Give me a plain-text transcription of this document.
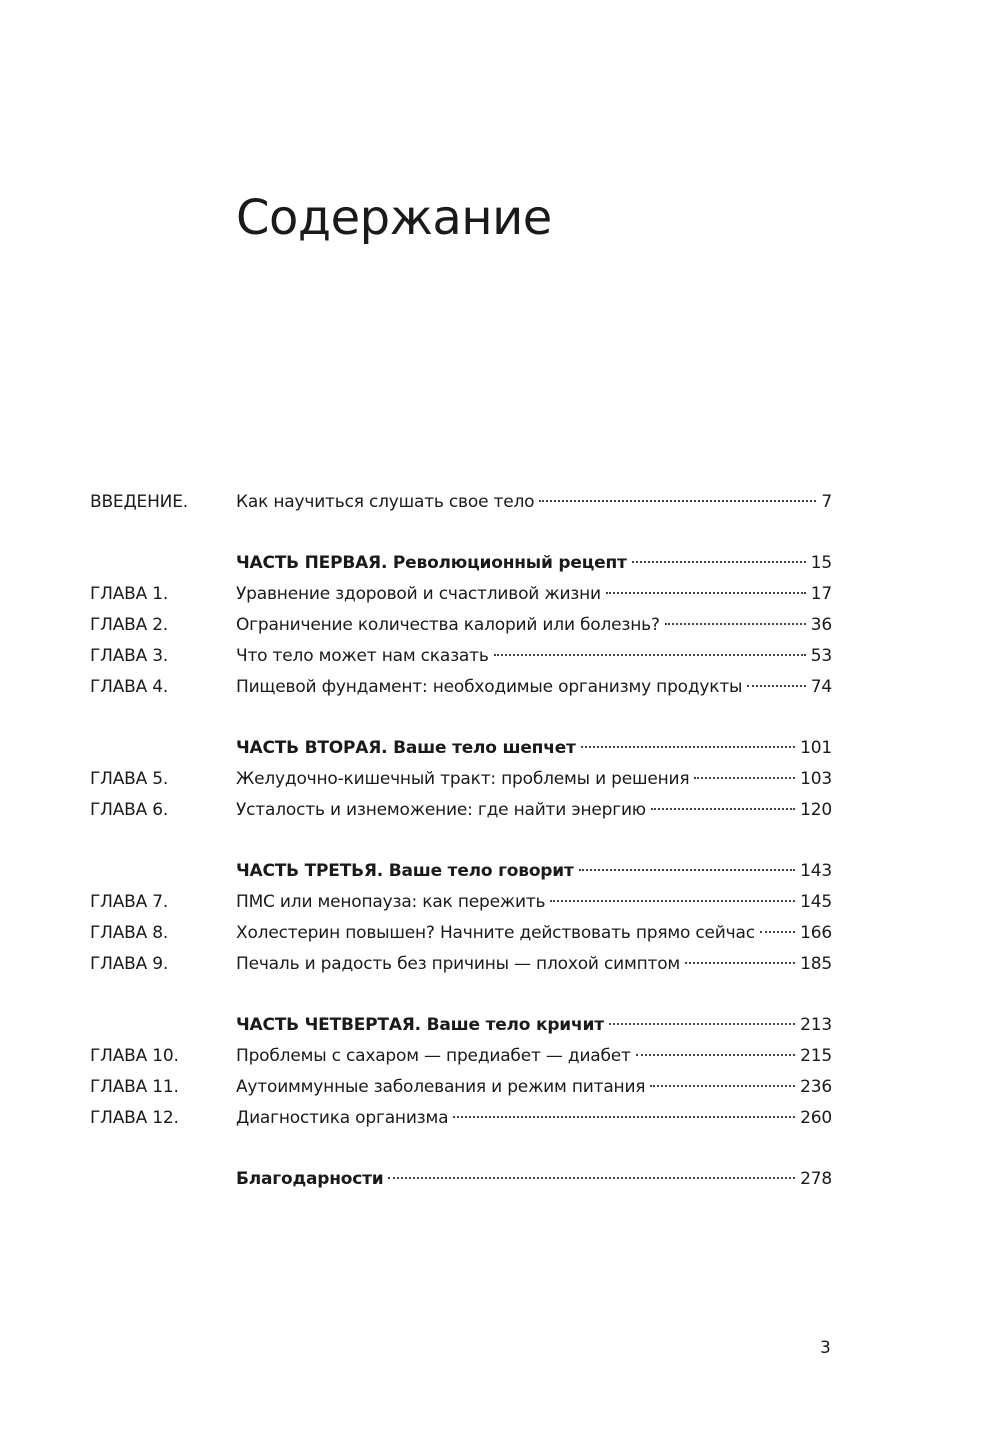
Содержание
ВВЕДЕНИЕ.	Как научиться слушать свое тело	7
ЧАСТЬ ПЕРВАЯ. Революционный рецепт	15
ГЛАВА 1.	Уравнение здоровой и счастливой жизни	17
ГЛАВА 2.	Ограничение количества калорий или болезнь?	36
ГЛАВА 3.	Что тело может нам сказать	53
ГЛАВА 4.	Пищевой фундамент: необходимые организму продукты	74
ЧАСТЬ ВТОРАЯ. Ваше тело шепчет	101
ГЛАВА 5.	Желудочно-кишечный тракт: проблемы и решения	103
ГЛАВА 6.	Усталость и изнеможение: где найти энергию	120
ЧАСТЬ ТРЕТЬЯ. Ваше тело говорит	143
ГЛАВА 7.	ПМС или менопауза: как пережить	145
ГЛАВА 8.	Холестерин повышен? Начните действовать прямо сейчас	166
ГЛАВА 9.	Печаль и радость без причины — плохой симптом	185
ЧАСТЬ ЧЕТВЕРТАЯ. Ваше тело кричит	213
ГЛАВА 10.	Проблемы с сахаром — предиабет — диабет	215
ГЛАВА 11.	Аутоиммунные заболевания и режим питания	236
ГЛАВА 12.	Диагностика организма	260
Благодарности	278
3
